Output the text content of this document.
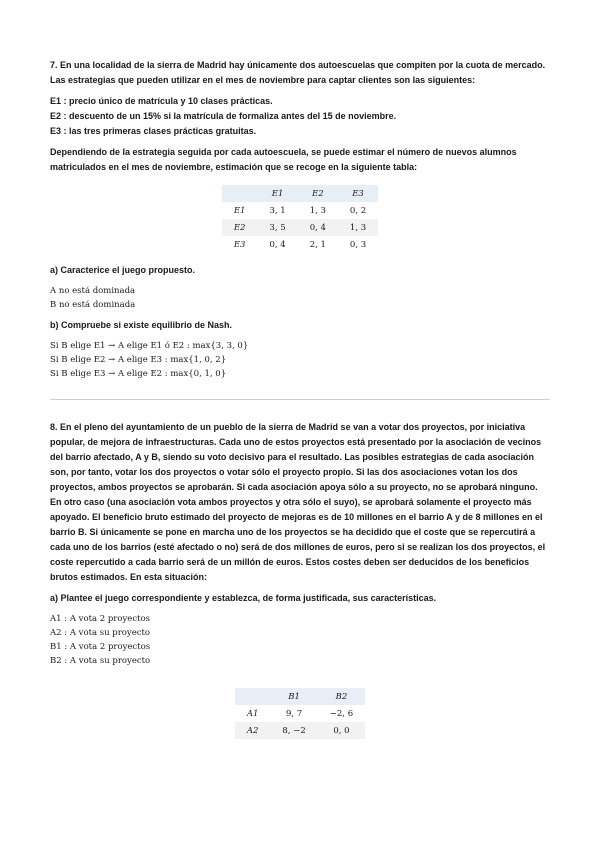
7. En una localidad de la sierra de Madrid hay únicamente dos autoescuelas que compiten por la cuota de mercado. Las estrategias que pueden utilizar en el mes de noviembre para captar clientes son las siguientes:

E1 : precio único de matrícula y 10 clases prácticas.

E2 : descuento de un 15% si la matrícula de formaliza antes del 15 de noviembre.

E3 : las tres primeras clases prácticas gratuitas.

Dependiendo de la estrategia seguida por cada autoescuela, se puede estimar el número de nuevos alumnos matriculados en el mes de noviembre, estimación que se recoge en la siguiente tabla:

	E1	E2	E3
E1	3, 1	1, 3	0, 2
E2	3, 5	0, 4	1, 3
E3	0, 4	2, 1	0, 3

a) Caracterice el juego propuesto.

A no está dominada

B no está dominada

b) Compruebe si existe equilibrio de Nash.

Si B elige E1 → A elige E1 ó E2 : max{3, 3, 0}

Si B elige E2 → A elige E3 : max{1, 0, 2}

Si B elige E3 → A elige E2 : max{0, 1, 0}

8. En el pleno del ayuntamiento de un pueblo de la sierra de Madrid se van a votar dos proyectos, por iniciativa popular, de mejora de infraestructuras. Cada uno de estos proyectos está presentado por la asociación de vecinos del barrio afectado, A y B, siendo su voto decisivo para el resultado. Las posibles estrategias de cada asociación son, por tanto, votar los dos proyectos o votar sólo el proyecto propio. Si las dos asociaciones votan los dos proyectos, ambos proyectos se aprobarán. Si cada asociación apoya sólo a su proyecto, no se aprobará ninguno. En otro caso (una asociación vota ambos proyectos y otra sólo el suyo), se aprobará solamente el proyecto más apoyado. El beneficio bruto estimado del proyecto de mejoras es de 10 millones en el barrio A y de 8 millones en el barrio B. Si únicamente se pone en marcha uno de los proyectos se ha decidido que el coste que se repercutirá a cada uno de los barrios (esté afectado o no) será de dos millones de euros, pero si se realizan los dos proyectos, el coste repercutido a cada barrio será de un millón de euros. Estos costes deben ser deducidos de los beneficios brutos estimados. En esta situación:

a) Plantee el juego correspondiente y establezca, de forma justificada, sus características.

A1 : A vota 2 proyectos

A2 : A vota su proyecto

B1 : A vota 2 proyectos

B2 : A vota su proyecto

	B1	B2
A1	9, 7	−2, 6
A2	8, −2	0, 0
